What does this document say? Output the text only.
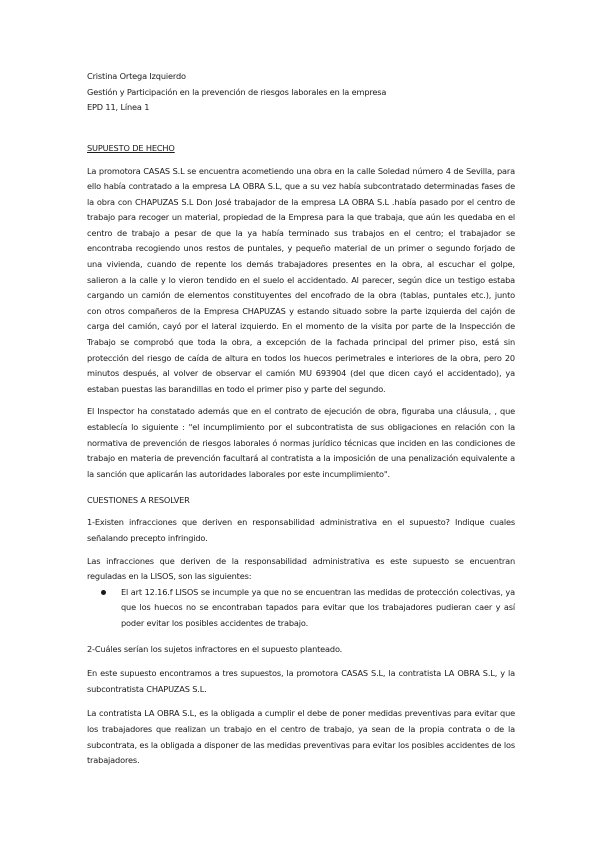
Cristina Ortega Izquierdo

Gestión y Participación en la prevención de riesgos laborales en la empresa

EPD 11, Línea 1

SUPUESTO DE HECHO

La promotora CASAS S.L se encuentra acometiendo una obra en la calle Soledad número 4 de Sevilla, para ello había contratado a la empresa LA OBRA S.L, que a su vez había subcontratado determinadas fases de la obra con CHAPUZAS S.L Don José trabajador de la empresa LA OBRA S.L .había pasado por el centro de trabajo para recoger un material, propiedad de la Empresa para la que trabaja, que aún les quedaba en el centro de trabajo a pesar de que la ya había terminado sus trabajos en el centro; el trabajador se encontraba recogiendo unos restos de puntales, y pequeño material de un primer o segundo forjado de una vivienda, cuando de repente los demás trabajadores presentes en la obra, al escuchar el golpe, salieron a la calle y lo vieron tendido en el suelo el accidentado. Al parecer, según dice un testigo estaba cargando un camión de elementos constituyentes del encofrado de la obra (tablas, puntales etc.), junto con otros compañeros de la Empresa CHAPUZAS y estando situado sobre la parte izquierda del cajón de carga del camión, cayó por el lateral izquierdo. En el momento de la visita por parte de la Inspección de Trabajo se comprobó que toda la obra, a excepción de la fachada principal del primer piso, está sin protección del riesgo de caída de altura en todos los huecos perimetrales e interiores de la obra, pero 20 minutos después, al volver de observar el camión MU 693904 (del que dicen cayó el accidentado), ya estaban puestas las barandillas en todo el primer piso y parte del segundo.

El Inspector ha constatado además que en el contrato de ejecución de obra, figuraba una cláusula, , que establecía lo siguiente : "el incumplimiento por el subcontratista de sus obligaciones en relación con la normativa de prevención de riesgos laborales ó normas jurídico técnicas que inciden en las condiciones de trabajo en materia de prevención facultará al contratista a la imposición de una penalización equivalente a la sanción que aplicarán las autoridades laborales por este incumplimiento".

CUESTIONES A RESOLVER

1-Existen infracciones que deriven en responsabilidad administrativa en el supuesto? Indique cuales señalando precepto infringido.

Las infracciones que deriven de la responsabilidad administrativa es este supuesto se encuentran reguladas en la LISOS, son las siguientes:

El art 12.16.f LISOS se incumple ya que no se encuentran las medidas de protección colectivas, ya que los huecos no se encontraban tapados para evitar que los trabajadores pudieran caer y así poder evitar los posibles accidentes de trabajo.

2-Cuáles serían los sujetos infractores en el supuesto planteado.

En este supuesto encontramos a tres supuestos, la promotora CASAS S.L, la contratista LA OBRA S.L, y la subcontratista CHAPUZAS S.L.

La contratista LA OBRA S.L, es la obligada a cumplir el debe de poner medidas preventivas para evitar que los trabajadores que realizan un trabajo en el centro de trabajo, ya sean de la propia contrata o de la subcontrata, es la obligada a disponer de las medidas preventivas para evitar los posibles accidentes de los trabajadores.
